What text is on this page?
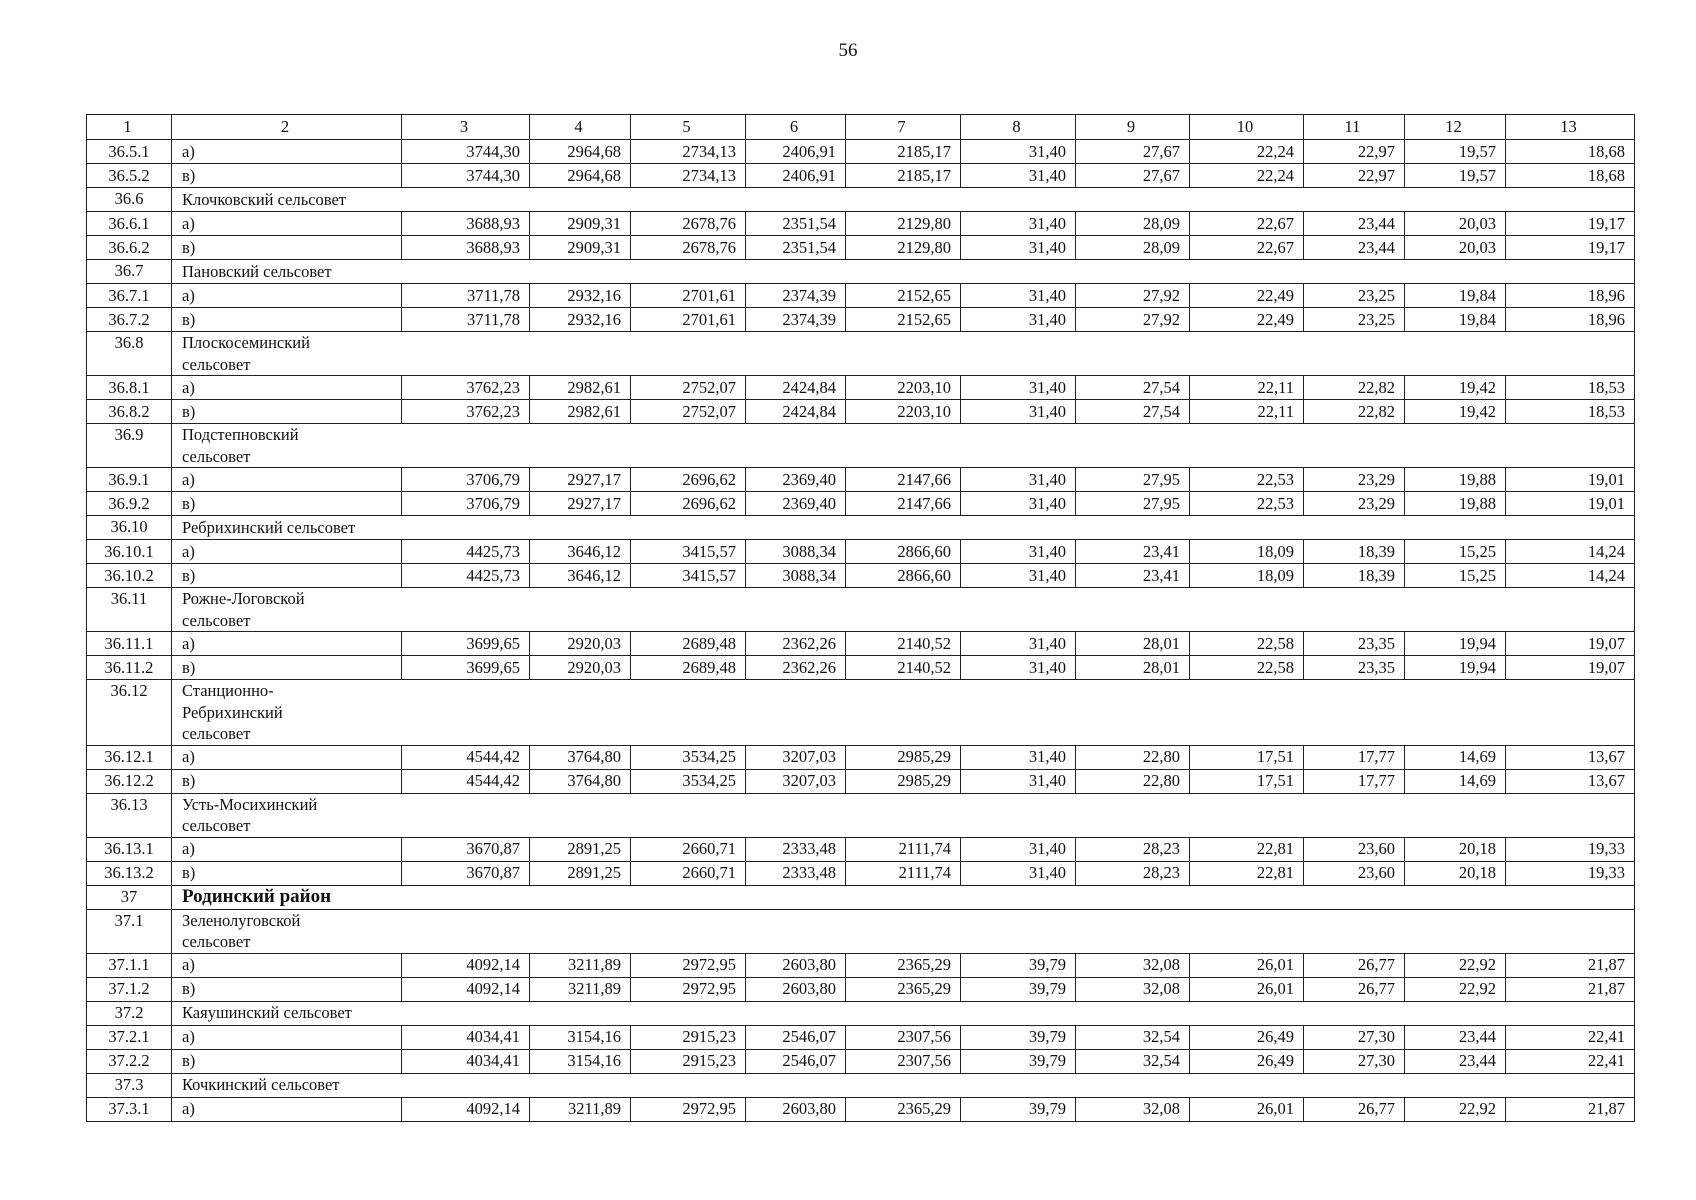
56
1	2	3	4	5	6	7	8	9	10	11	12	13
36.5.1	а)	3744,30	2964,68	2734,13	2406,91	2185,17	31,40	27,67	22,24	22,97	19,57	18,68
36.5.2	в)	3744,30	2964,68	2734,13	2406,91	2185,17	31,40	27,67	22,24	22,97	19,57	18,68
36.6	Клочковский сельсовет											
36.6.1	а)	3688,93	2909,31	2678,76	2351,54	2129,80	31,40	28,09	22,67	23,44	20,03	19,17
36.6.2	в)	3688,93	2909,31	2678,76	2351,54	2129,80	31,40	28,09	22,67	23,44	20,03	19,17
36.7	Пановский сельсовет											
36.7.1	а)	3711,78	2932,16	2701,61	2374,39	2152,65	31,40	27,92	22,49	23,25	19,84	18,96
36.7.2	в)	3711,78	2932,16	2701,61	2374,39	2152,65	31,40	27,92	22,49	23,25	19,84	18,96
36.8	Плоскосеминский сельсовет											

36.8.1	а)	3762,23	2982,61	2752,07	2424,84	2203,10	31,40	27,54	22,11	22,82	19,42	18,53
36.8.2	в)	3762,23	2982,61	2752,07	2424,84	2203,10	31,40	27,54	22,11	22,82	19,42	18,53
36.9	Подстепновский сельсовет											

36.9.1	а)	3706,79	2927,17	2696,62	2369,40	2147,66	31,40	27,95	22,53	23,29	19,88	19,01
36.9.2	в)	3706,79	2927,17	2696,62	2369,40	2147,66	31,40	27,95	22,53	23,29	19,88	19,01
36.10	Ребрихинский сельсовет											
36.10.1	а)	4425,73	3646,12	3415,57	3088,34	2866,60	31,40	23,41	18,09	18,39	15,25	14,24
36.10.2	в)	4425,73	3646,12	3415,57	3088,34	2866,60	31,40	23,41	18,09	18,39	15,25	14,24
36.11	Рожне-Логовской сельсовет											

36.11.1	а)	3699,65	2920,03	2689,48	2362,26	2140,52	31,40	28,01	22,58	23,35	19,94	19,07
36.11.2	в)	3699,65	2920,03	2689,48	2362,26	2140,52	31,40	28,01	22,58	23,35	19,94	19,07
36.12	Станционно-Ребрихинский сельсовет											

36.12.1	а)	4544,42	3764,80	3534,25	3207,03	2985,29	31,40	22,80	17,51	17,77	14,69	13,67
36.12.2	в)	4544,42	3764,80	3534,25	3207,03	2985,29	31,40	22,80	17,51	17,77	14,69	13,67
36.13	Усть-Мосихинский сельсовет											

36.13.1	а)	3670,87	2891,25	2660,71	2333,48	2111,74	31,40	28,23	22,81	23,60	20,18	19,33
36.13.2	в)	3670,87	2891,25	2660,71	2333,48	2111,74	31,40	28,23	22,81	23,60	20,18	19,33
37	Родинский район											
37.1	Зеленолуговской сельсовет											

37.1.1	а)	4092,14	3211,89	2972,95	2603,80	2365,29	39,79	32,08	26,01	26,77	22,92	21,87
37.1.2	в)	4092,14	3211,89	2972,95	2603,80	2365,29	39,79	32,08	26,01	26,77	22,92	21,87
37.2	Каяушинский сельсовет											
37.2.1	а)	4034,41	3154,16	2915,23	2546,07	2307,56	39,79	32,54	26,49	27,30	23,44	22,41
37.2.2	в)	4034,41	3154,16	2915,23	2546,07	2307,56	39,79	32,54	26,49	27,30	23,44	22,41
37.3	Кочкинский сельсовет											
37.3.1	а)	4092,14	3211,89	2972,95	2603,80	2365,29	39,79	32,08	26,01	26,77	22,92	21,87
